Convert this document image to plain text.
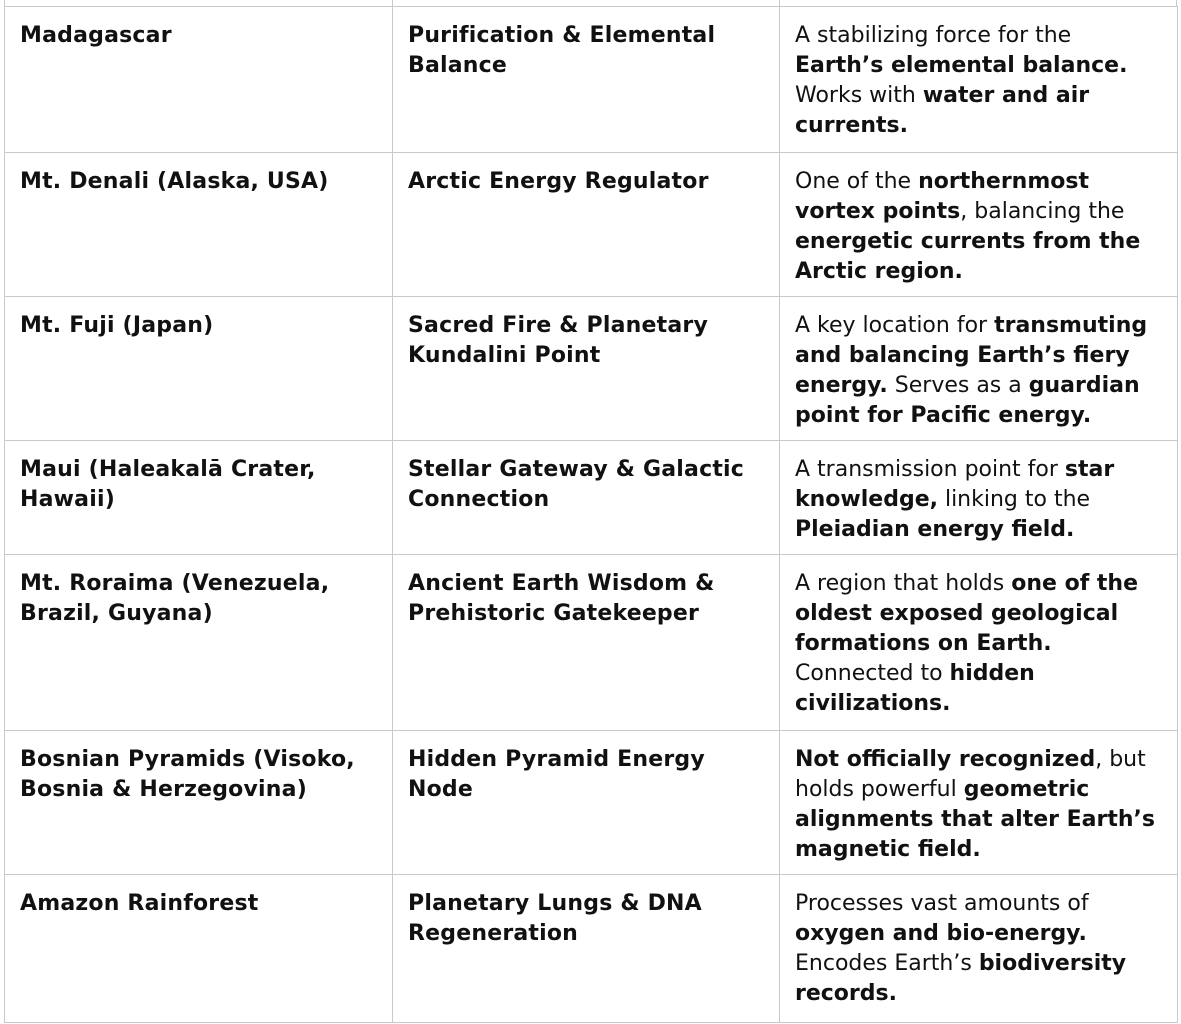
Madagascar	Purification & Elemental Balance	A stabilizing force for the Earth’s elemental balance. Works with water and air currents.
Mt. Denali (Alaska, USA)	Arctic Energy Regulator	One of the northernmost vortex points, balancing the energetic currents from the Arctic region.
Mt. Fuji (Japan)	Sacred Fire & Planetary Kundalini Point	A key location for transmuting and balancing Earth’s fiery energy. Serves as a guardian point for Pacific energy.
Maui (Haleakalā Crater, Hawaii)	Stellar Gateway & Galactic Connection	A transmission point for star knowledge, linking to the Pleiadian energy field.
Mt. Roraima (Venezuela, Brazil, Guyana)	Ancient Earth Wisdom & Prehistoric Gatekeeper	A region that holds one of the oldest exposed geological formations on Earth. Connected to hidden civilizations.
Bosnian Pyramids (Visoko, Bosnia & Herzegovina)	Hidden Pyramid Energy Node	Not officially recognized, but holds powerful geometric alignments that alter Earth’s magnetic field.
Amazon Rainforest	Planetary Lungs & DNA Regeneration	Processes vast amounts of oxygen and bio-energy. Encodes Earth’s biodiversity records.
